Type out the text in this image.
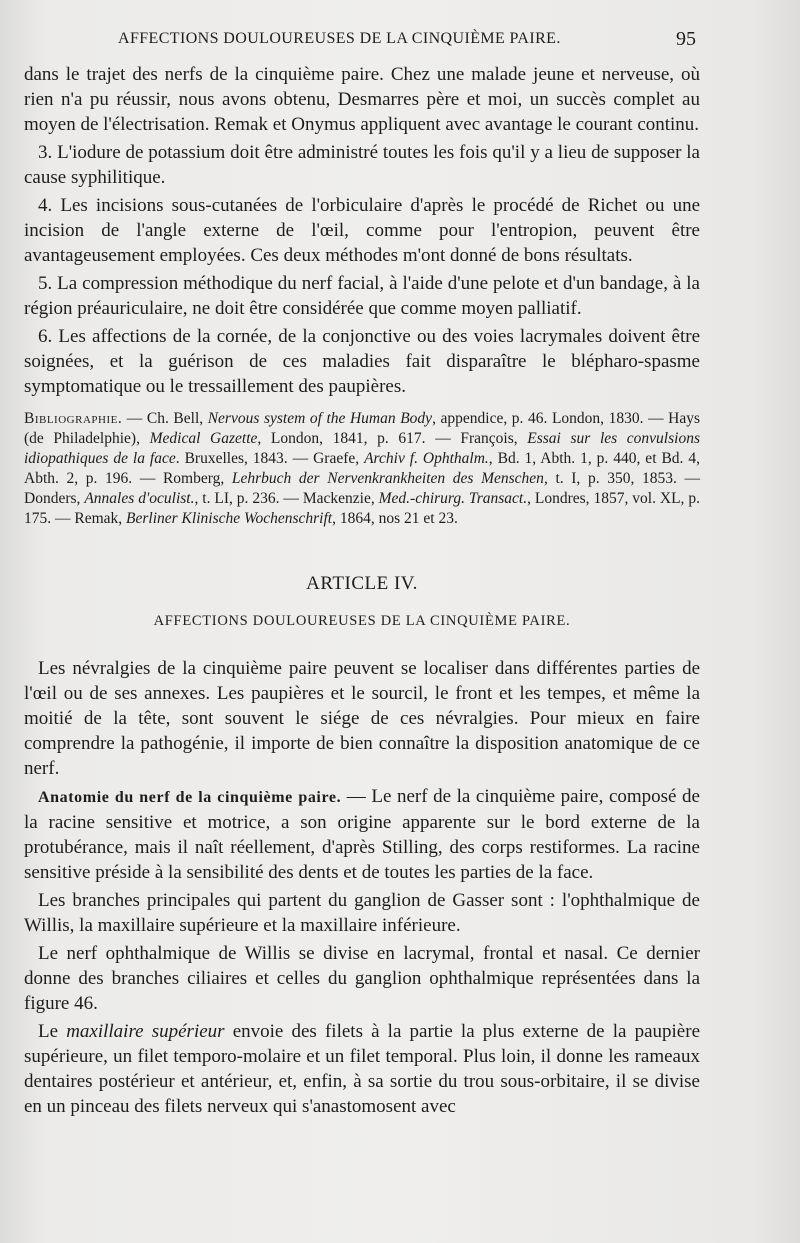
AFFECTIONS DOULOUREUSES DE LA CINQUIÈME PAIRE.	95

dans le trajet des nerfs de la cinquième paire. Chez une malade jeune et nerveuse, où rien n'a pu réussir, nous avons obtenu, Desmarres père et moi, un succès complet au moyen de l'électrisation. Remak et Onymus appliquent avec avantage le courant continu.

3. L'iodure de potassium doit être administré toutes les fois qu'il y a lieu de supposer la cause syphilitique.

4. Les incisions sous-cutanées de l'orbiculaire d'après le procédé de Richet ou une incision de l'angle externe de l'œil, comme pour l'entropion, peuvent être avantageusement employées. Ces deux méthodes m'ont donné de bons résultats.

5. La compression méthodique du nerf facial, à l'aide d'une pelote et d'un bandage, à la région préauriculaire, ne doit être considérée que comme moyen palliatif.

6. Les affections de la cornée, de la conjonctive ou des voies lacrymales doivent être soignées, et la guérison de ces maladies fait disparaître le blépharo-spasme symptomatique ou le tressaillement des paupières.

Bibliographie. — Ch. Bell, Nervous system of the Human Body, appendice, p. 46. London, 1830. — Hays (de Philadelphie), Medical Gazette, London, 1841, p. 617. — François, Essai sur les convulsions idiopathiques de la face. Bruxelles, 1843. — Graefe, Archiv f. Ophthalm., Bd. 1, Abth. 1, p. 440, et Bd. 4, Abth. 2, p. 196. — Romberg, Lehrbuch der Nervenkrankheiten des Menschen, t. I, p. 350, 1853. — Donders, Annales d'oculist., t. LI, p. 236. — Mackenzie, Med.-chirurg. Transact., Londres, 1857, vol. XL, p. 175. — Remak, Berliner Klinische Wochenschrift, 1864, nos 21 et 23.

ARTICLE IV.
AFFECTIONS DOULOUREUSES DE LA CINQUIÈME PAIRE.

Les névralgies de la cinquième paire peuvent se localiser dans différentes parties de l'œil ou de ses annexes. Les paupières et le sourcil, le front et les tempes, et même la moitié de la tête, sont souvent le siége de ces névralgies. Pour mieux en faire comprendre la pathogénie, il importe de bien connaître la disposition anatomique de ce nerf.

Anatomie du nerf de la cinquième paire. — Le nerf de la cinquième paire, composé de la racine sensitive et motrice, a son origine apparente sur le bord externe de la protubérance, mais il naît réellement, d'après Stilling, des corps restiformes. La racine sensitive préside à la sensibilité des dents et de toutes les parties de la face.

Les branches principales qui partent du ganglion de Gasser sont : l'ophthalmique de Willis, la maxillaire supérieure et la maxillaire inférieure.

Le nerf ophthalmique de Willis se divise en lacrymal, frontal et nasal. Ce dernier donne des branches ciliaires et celles du ganglion ophthalmique représentées dans la figure 46.

Le maxillaire supérieur envoie des filets à la partie la plus externe de la paupière supérieure, un filet temporo-molaire et un filet temporal. Plus loin, il donne les rameaux dentaires postérieur et antérieur, et, enfin, à sa sortie du trou sous-orbitaire, il se divise en un pinceau des filets nerveux qui s'anastomosent avec
